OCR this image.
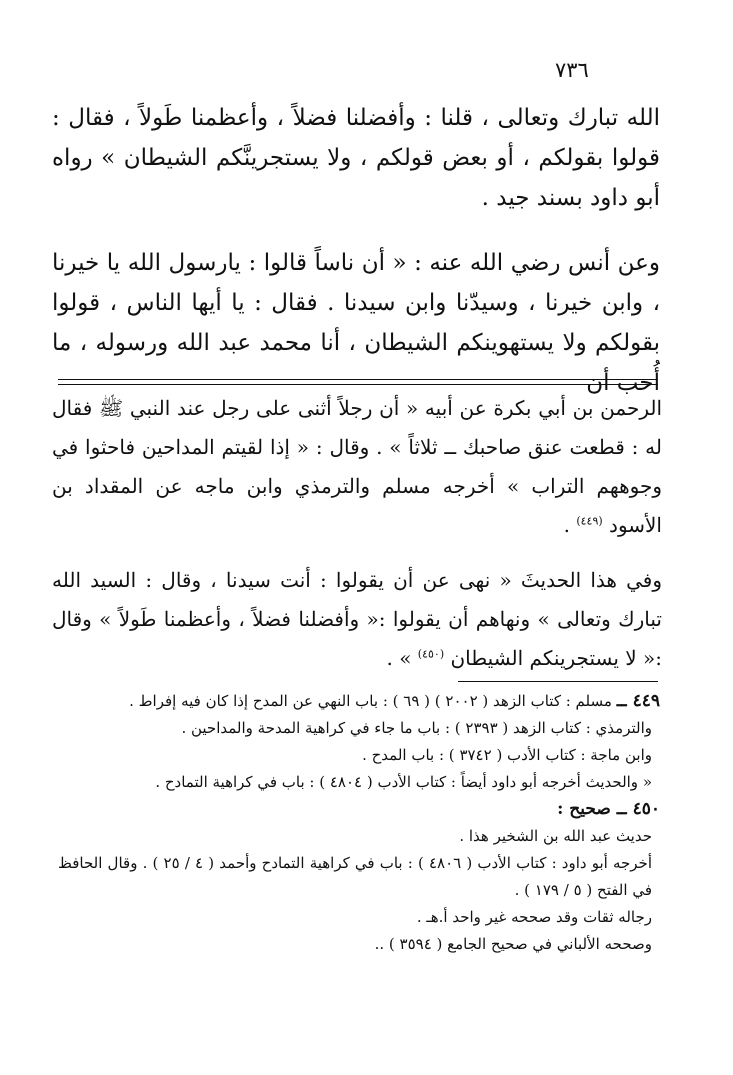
٧٣٦

الله تبارك وتعالى ، قلنا : وأفضلنا فضلاً ، وأعظمنا طَولاً ، فقال : قولوا بقولكم ، أو بعض قولكم ، ولا يستجرينَّكم الشيطان » رواه أبو داود بسند جيد .

وعن أنس رضي الله عنه : « أن ناساً قالوا : يارسول الله يا خيرنا ، وابن خيرنا ، وسيدّنا وابن سيدنا . فقال : يا أيها الناس ، قولوا بقولكم ولا يستهوينكم الشيطان ، أنا محمد عبد الله ورسوله ، ما أُحب أن

الرحمن بن أبي بكرة عن أبيه « أن رجلاً أثنى على رجل عند النبي ﷺ فقال له : قطعت عنق صاحبك ــ ثلاثاً » . وقال : « إذا لقيتم المداحين فاحثوا في وجوههم التراب » أخرجه مسلم والترمذي وابن ماجه عن المقداد بن الأسود $^{(٤٤٩)}$ .

وفي هذا الحديثَ « نهى عن أن يقولوا : أنت سيدنا ، وقال : السيد الله تبارك وتعالى » ونهاهم أن يقولوا :« وأفضلنا فضلاً ، وأعظمنا طَولاً » وقال :« لا يستجرينكم الشيطان $^{(٤٥٠)}$ » .

٤٤٩ ــ مسلم : كتاب الزهد ( ٢٠٠٢ ) ( ٦٩ ) : باب النهي عن المدح إذا كان فيه إفراط .

والترمذي : كتاب الزهد ( ٢٣٩٣ ) : باب ما جاء في كراهية المدحة والمداحين .

وابن ماجة : كتاب الأدب ( ٣٧٤٢ ) : باب المدح .

« والحديث أخرجه أبو داود أيضاً : كتاب الأدب ( ٤٨٠٤ ) : باب في كراهية التمادح .

٤٥٠ ــ صحيح :

حديث عبد الله بن الشخير هذا .

أخرجه أبو داود : كتاب الأدب ( ٤٨٠٦ ) : باب في كراهية التمادح وأحمد ( ٤ / ٢٥ ) . وقال الحافظ في الفتح ( ٥ / ١٧٩ ) .

رجاله ثقات وقد صححه غير واحد أ.هـ .

وصححه الألباني في صحيح الجامع ( ٣٥٩٤ ) ..
